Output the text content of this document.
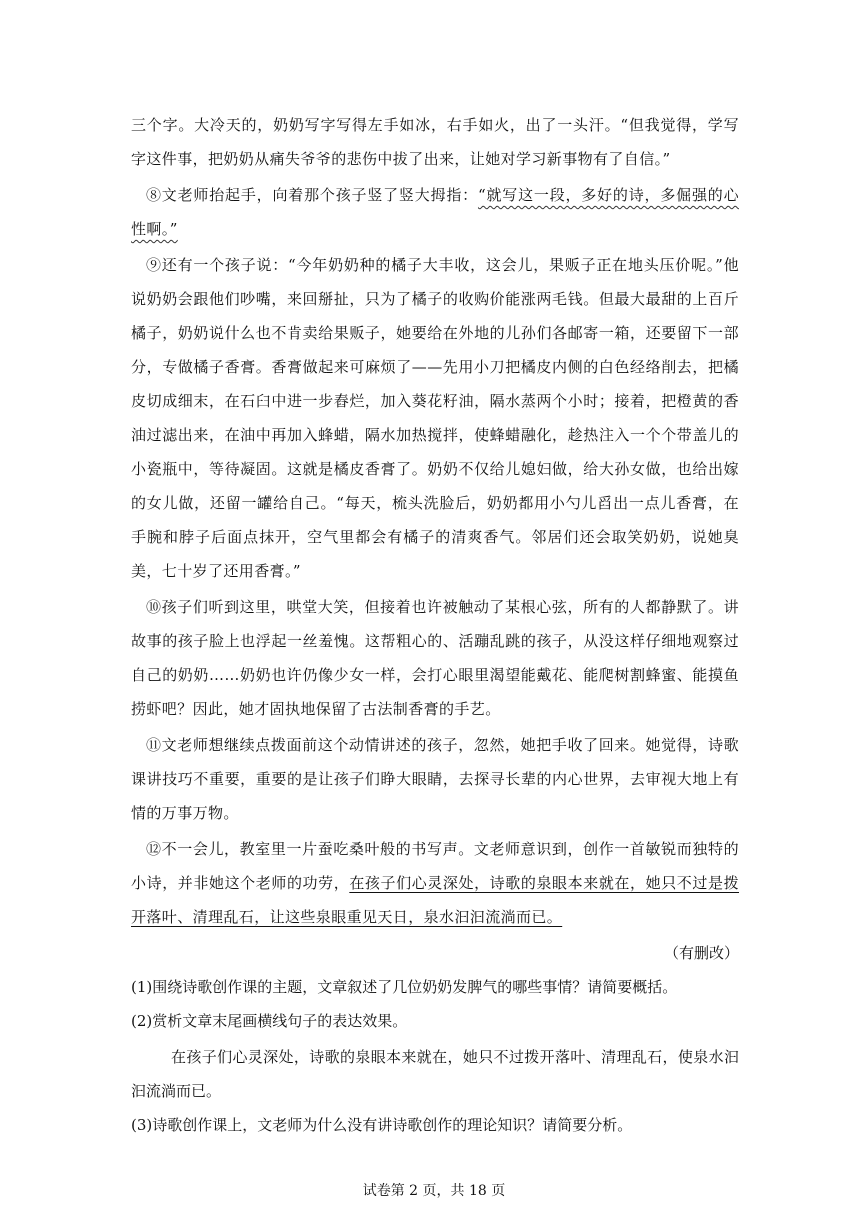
三个字。大冷天的，奶奶写字写得左手如冰，右手如火，出了一头汗。“但我觉得，学写字这件事，把奶奶从痛失爷爷的悲伤中拔了出来，让她对学习新事物有了自信。”

⑧文老师抬起手，向着那个孩子竖了竖大拇指：“就写这一段，多好的诗，多倔强的心性啊。”

⑨还有一个孩子说：“今年奶奶种的橘子大丰收，这会儿，果贩子正在地头压价呢。”他说奶奶会跟他们吵嘴，来回掰扯，只为了橘子的收购价能涨两毛钱。但最大最甜的上百斤橘子，奶奶说什么也不肯卖给果贩子，她要给在外地的儿孙们各邮寄一箱，还要留下一部分，专做橘子香膏。香膏做起来可麻烦了——先用小刀把橘皮内侧的白色经络削去，把橘皮切成细末，在石臼中进一步舂烂，加入葵花籽油，隔水蒸两个小时；接着，把橙黄的香油过滤出来，在油中再加入蜂蜡，隔水加热搅拌，使蜂蜡融化，趁热注入一个个带盖儿的小瓷瓶中，等待凝固。这就是橘皮香膏了。奶奶不仅给儿媳妇做，给大孙女做，也给出嫁的女儿做，还留一罐给自己。“每天，梳头洗脸后，奶奶都用小勺儿舀出一点儿香膏，在手腕和脖子后面点抹开，空气里都会有橘子的清爽香气。邻居们还会取笑奶奶，说她臭美，七十岁了还用香膏。”

⑩孩子们听到这里，哄堂大笑，但接着也许被触动了某根心弦，所有的人都静默了。讲故事的孩子脸上也浮起一丝羞愧。这帮粗心的、活蹦乱跳的孩子，从没这样仔细地观察过自己的奶奶……奶奶也许仍像少女一样，会打心眼里渴望能戴花、能爬树割蜂蜜、能摸鱼捞虾吧？因此，她才固执地保留了古法制香膏的手艺。

⑪文老师想继续点拨面前这个动情讲述的孩子，忽然，她把手收了回来。她觉得，诗歌课讲技巧不重要，重要的是让孩子们睁大眼睛，去探寻长辈的内心世界，去审视大地上有情的万事万物。

⑫不一会儿，教室里一片蚕吃桑叶般的书写声。文老师意识到，创作一首敏锐而独特的小诗，并非她这个老师的功劳，在孩子们心灵深处，诗歌的泉眼本来就在，她只不过是拨开落叶、清理乱石，让这些泉眼重见天日，泉水汩汩流淌而已。

（有删改）

(1)围绕诗歌创作课的主题，文章叙述了几位奶奶发脾气的哪些事情？请简要概括。

(2)赏析文章末尾画横线句子的表达效果。

在孩子们心灵深处，诗歌的泉眼本来就在，她只不过拨开落叶、清理乱石，使泉水汩汩流淌而已。

(3)诗歌创作课上，文老师为什么没有讲诗歌创作的理论知识？请简要分析。

试卷第 2 页，共 18 页
